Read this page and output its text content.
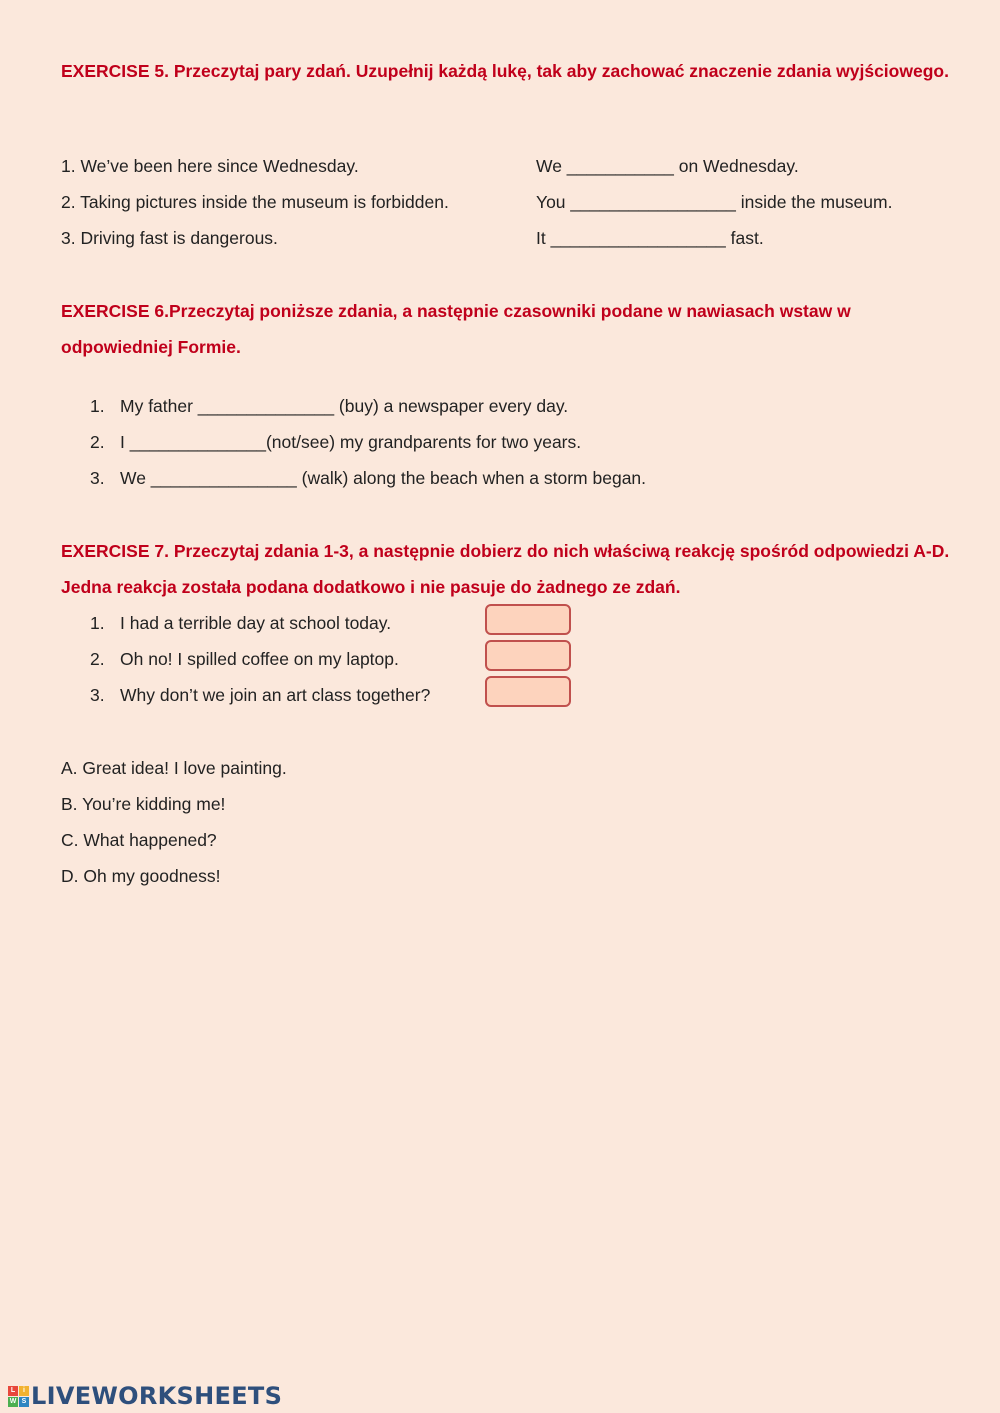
EXERCISE 5. Przeczytaj pary zdań. Uzupełnij każdą lukę, tak aby zachować znaczenie zdania wyjściowego.

1. We’ve been here since Wednesday.	We ___________ on Wednesday.
2. Taking pictures inside the museum is forbidden.	You _________________ inside the museum.
3. Driving fast is dangerous.	It __________________ fast.

EXERCISE 6.Przeczytaj poniższe zdania, a następnie czasowniki podane w nawiasach wstaw w odpowiedniej Formie.

1. My father ______________ (buy) a newspaper every day.
2. I ______________(not/see) my grandparents for two years.
3. We _______________ (walk) along the beach when a storm began.

EXERCISE 7. Przeczytaj zdania 1-3, a następnie dobierz do nich właściwą reakcję spośród odpowiedzi A-D. Jedna reakcja została podana dodatkowo i nie pasuje do żadnego ze zdań.

1. I had a terrible day at school today.
2. Oh no! I spilled coffee on my laptop.
3. Why don’t we join an art class together?
A. Great idea! I love painting.
B. You’re kidding me!
C. What happened?
D. Oh my goodness!
L	i
W S LIVEWORKSHEETS
